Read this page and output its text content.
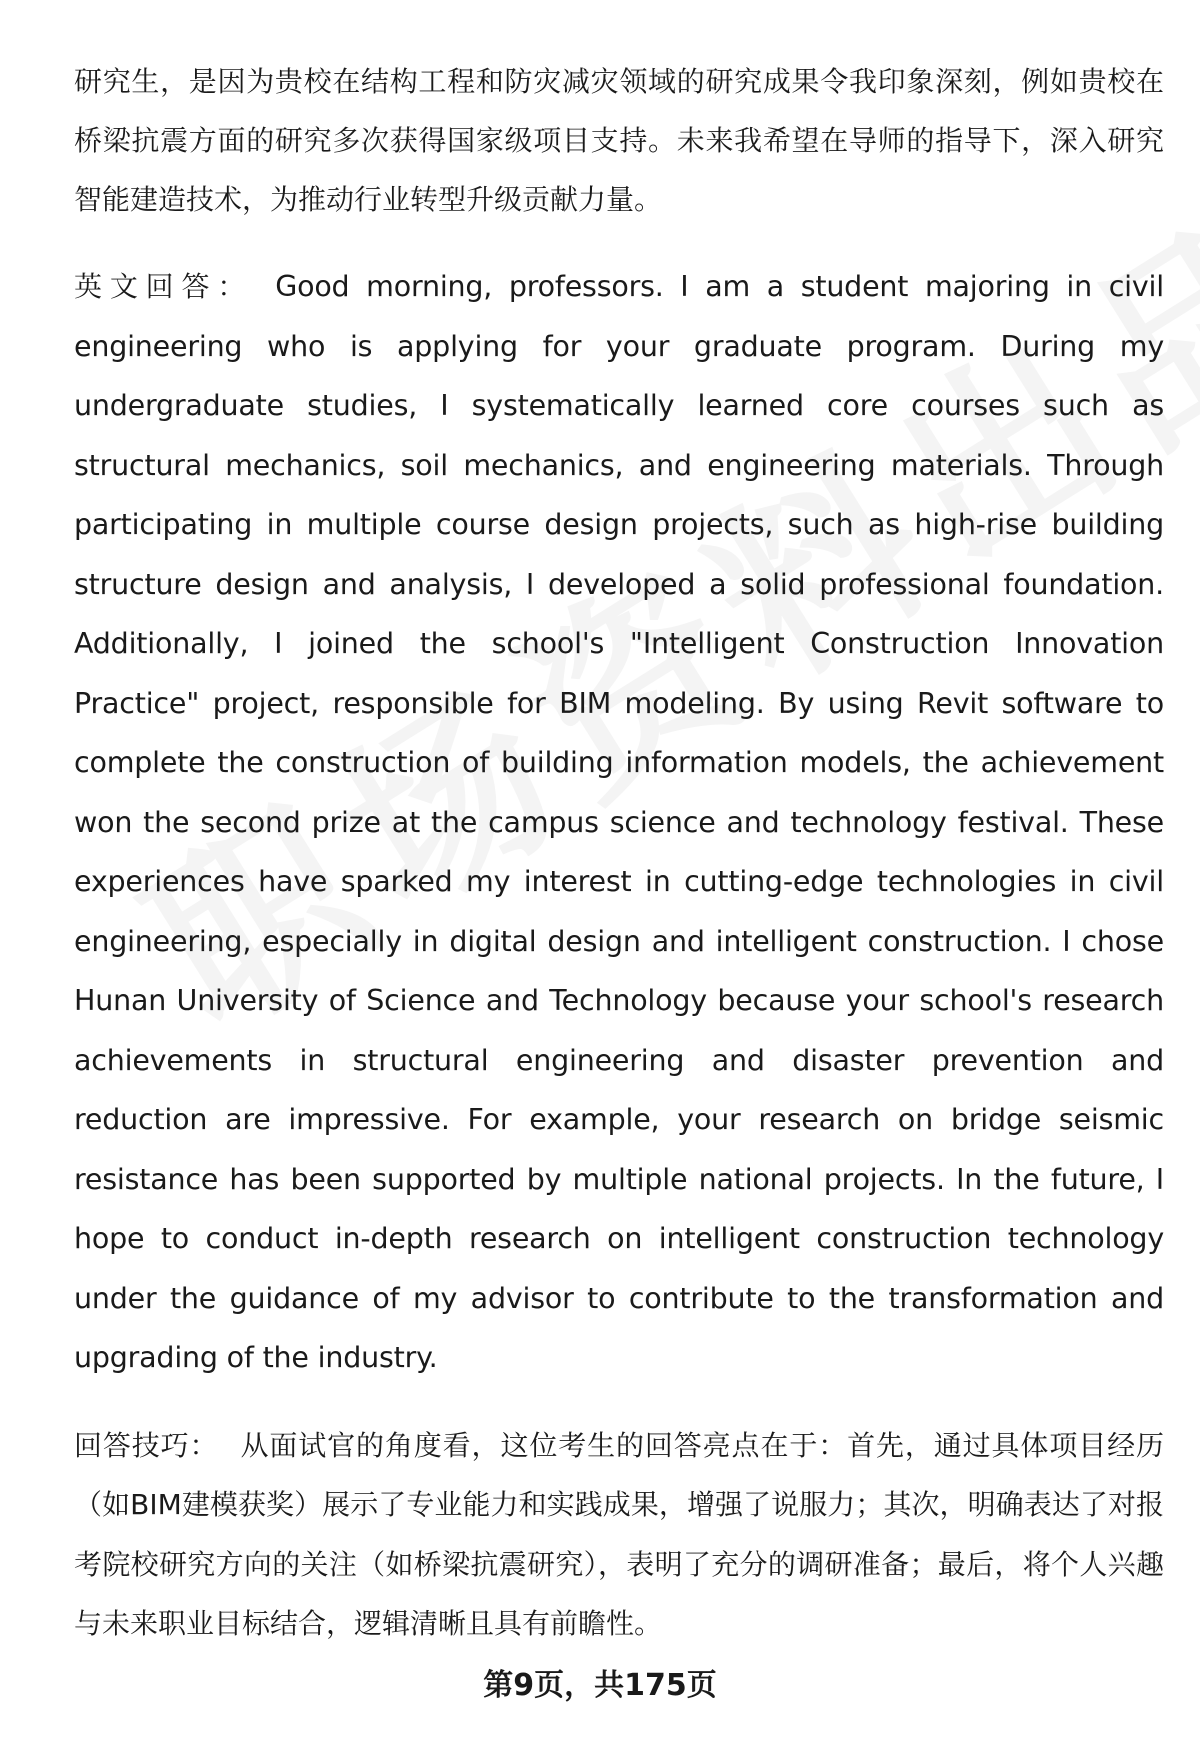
研究生，是因为贵校在结构工程和防灾减灾领域的研究成果令我印象深刻，例如贵校在桥梁抗震方面的研究多次获得国家级项目支持。未来我希望在导师的指导下，深入研究智能建造技术，为推动行业转型升级贡献力量。

英文回答： Good morning, professors. I am a student majoring in civil engineering who is applying for your graduate program. During my undergraduate studies, I systematically learned core courses such as structural mechanics, soil mechanics, and engineering materials. Through participating in multiple course design projects, such as high-rise building structure design and analysis, I developed a solid professional foundation. Additionally, I joined the school's "Intelligent Construction Innovation Practice" project, responsible for BIM modeling. By using Revit software to complete the construction of building information models, the achievement won the second prize at the campus science and technology festival. These experiences have sparked my interest in cutting-edge technologies in civil engineering, especially in digital design and intelligent construction. I chose Hunan University of Science and Technology because your school's research achievements in structural engineering and disaster prevention and reduction are impressive. For example, your research on bridge seismic resistance has been supported by multiple national projects. In the future, I hope to conduct in-depth research on intelligent construction technology under the guidance of my advisor to contribute to the transformation and upgrading of the industry.

回答技巧： 从面试官的角度看，这位考生的回答亮点在于：首先，通过具体项目经历（如BIM建模获奖）展示了专业能力和实践成果，增强了说服力；其次，明确表达了对报考院校研究方向的关注（如桥梁抗震研究），表明了充分的调研准备；最后，将个人兴趣与未来职业目标结合，逻辑清晰且具有前瞻性。

第9页，共175页
